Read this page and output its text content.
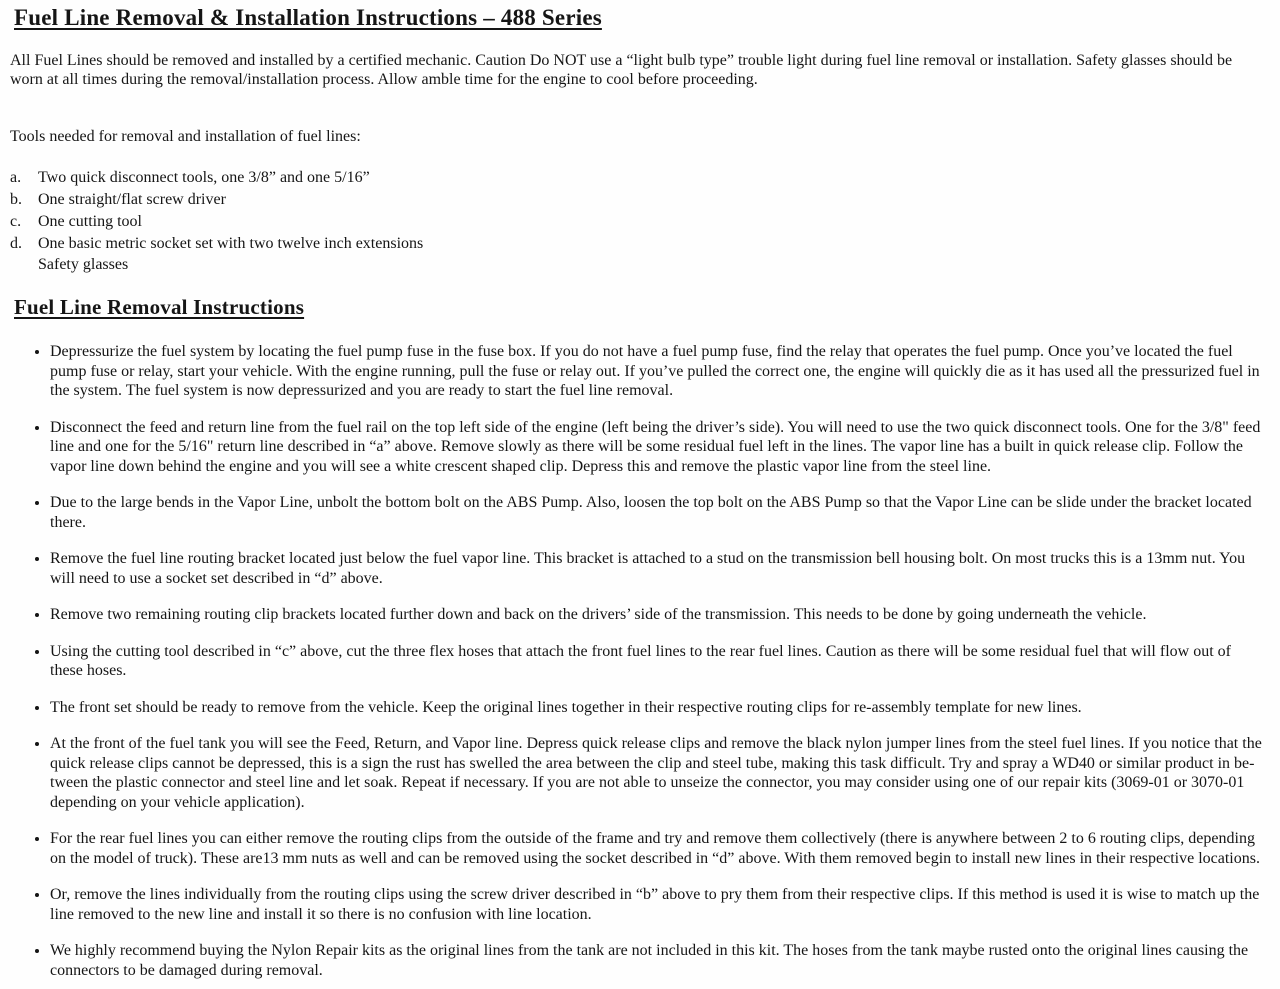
Fuel Line Removal & Installation Instructions – 488 Series

All Fuel Lines should be removed and installed by a certified mechanic. Caution Do NOT use a “light bulb type” trouble light during fuel line removal or installation. Safety glasses should be worn at all times during the removal/installation process. Allow amble time for the engine to cool before proceeding.

Tools needed for removal and installation of fuel lines:

a.	Two quick disconnect tools, one 3/8” and one 5/16”
b.	One straight/flat screw driver
c.	One cutting tool
d.	One basic metric socket set with two twelve inch extensions
Safety glasses
Fuel Line Removal Instructions
• Depressurize the fuel system by locating the fuel pump fuse in the fuse box. If you do not have a fuel pump fuse, find the relay that operates the fuel pump. Once you’ve located the fuel pump fuse or relay, start your vehicle. With the engine running, pull the fuse or relay out. If you’ve pulled the correct one, the engine will quickly die as it has used all the pressurized fuel in the system. The fuel system is now depressurized and you are ready to start the fuel line removal.
• Disconnect the feed and return line from the fuel rail on the top left side of the engine (left being the driver’s side). You will need to use the two quick disconnect tools. One for the 3/8" feed line and one for the 5/16" return line described in “a” above. Remove slowly as there will be some residual fuel left in the lines. The vapor line has a built in quick release clip. Follow the vapor line down behind the engine and you will see a white crescent shaped clip. Depress this and remove the plastic vapor line from the steel line.
• Due to the large bends in the Vapor Line, unbolt the bottom bolt on the ABS Pump. Also, loosen the top bolt on the ABS Pump so that the Vapor Line can be slide under the bracket located there.
• Remove the fuel line routing bracket located just below the fuel vapor line. This bracket is attached to a stud on the transmission bell housing bolt. On most trucks this is a 13mm nut. You will need to use a socket set described in “d” above.
• Remove two remaining routing clip brackets located further down and back on the drivers’ side of the transmission. This needs to be done by going underneath the vehicle.
• Using the cutting tool described in “c” above, cut the three flex hoses that attach the front fuel lines to the rear fuel lines. Caution as there will be some residual fuel that will flow out of these hoses.
• The front set should be ready to remove from the vehicle. Keep the original lines together in their respective routing clips for re-assembly template for new lines.
• At the front of the fuel tank you will see the Feed, Return, and Vapor line. Depress quick release clips and remove the black nylon jumper lines from the steel fuel lines. If you notice that the quick release clips cannot be depressed, this is a sign the rust has swelled the area between the clip and steel tube, making this task difficult. Try and spray a WD40 or similar product in be-tween the plastic connector and steel line and let soak. Repeat if necessary. If you are not able to unseize the connector, you may consider using one of our repair kits (3069-01 or 3070-01 depending on your vehicle application).
• For the rear fuel lines you can either remove the routing clips from the outside of the frame and try and remove them collectively (there is anywhere between 2 to 6 routing clips, depending on the model of truck). These are13 mm nuts as well and can be removed using the socket described in “d” above. With them removed begin to install new lines in their respective locations.
• Or, remove the lines individually from the routing clips using the screw driver described in “b” above to pry them from their respective clips. If this method is used it is wise to match up the line removed to the new line and install it so there is no confusion with line location.
• We highly recommend buying the Nylon Repair kits as the original lines from the tank are not included in this kit. The hoses from the tank maybe rusted onto the original lines causing the connectors to be damaged during removal.
